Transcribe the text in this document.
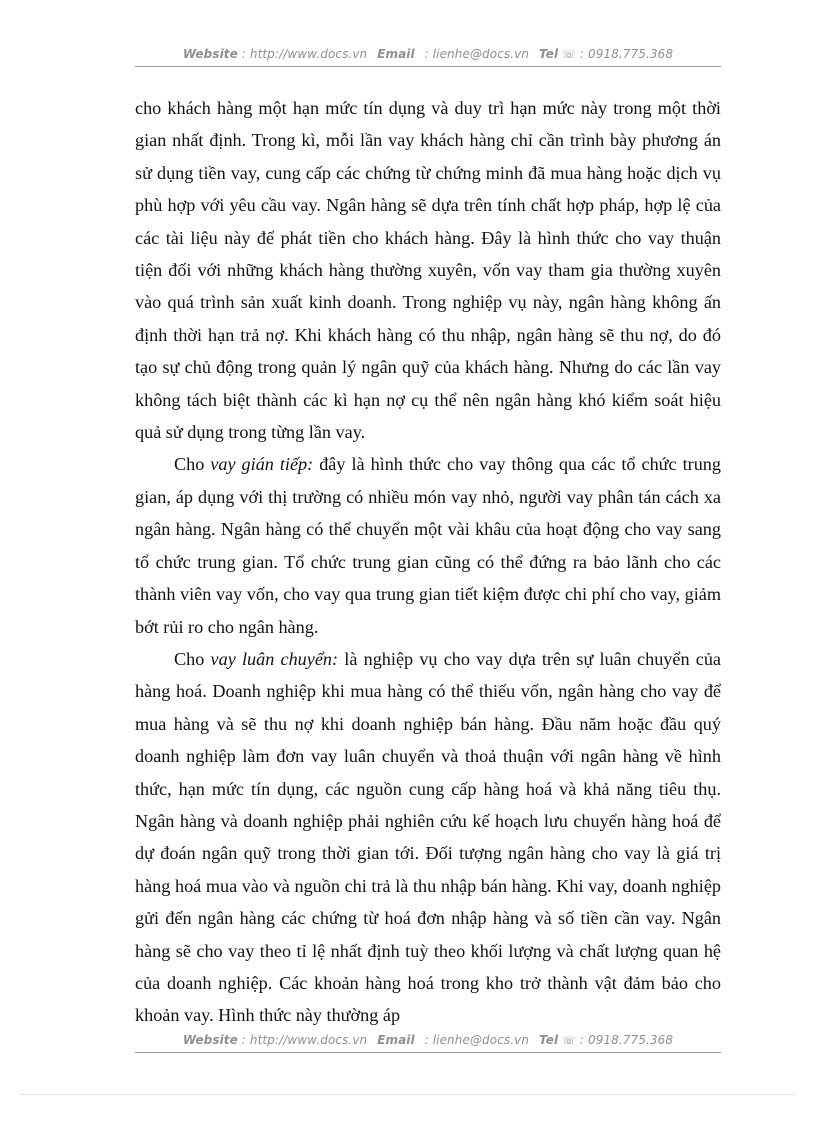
Website : http://www.docs.vn Email : lienhe@docs.vn Tel ☏ : 0918.775.368

cho khách hàng một hạn mức tín dụng và duy trì hạn mức này trong một thời gian nhất định. Trong kì, mỗi lần vay khách hàng chỉ cần trình bày phương án sử dụng tiền vay, cung cấp các chứng từ chứng minh đã mua hàng hoặc dịch vụ phù hợp với yêu cầu vay. Ngân hàng sẽ dựa trên tính chất hợp pháp, hợp lệ của các tài liệu này để phát tiền cho khách hàng. Đây là hình thức cho vay thuận tiện đối với những khách hàng thường xuyên, vốn vay tham gia thường xuyên vào quá trình sản xuất kinh doanh. Trong nghiệp vụ này, ngân hàng không ấn định thời hạn trả nợ. Khi khách hàng có thu nhập, ngân hàng sẽ thu nợ, do đó tạo sự chủ động trong quản lý ngân quỹ của khách hàng. Nhưng do các lần vay không tách biệt thành các kì hạn nợ cụ thể nên ngân hàng khó kiểm soát hiệu quả sử dụng trong từng lần vay.

Cho vay gián tiếp: đây là hình thức cho vay thông qua các tổ chức trung gian, áp dụng với thị trường có nhiều món vay nhỏ, người vay phân tán cách xa ngân hàng. Ngân hàng có thể chuyển một vài khâu của hoạt động cho vay sang tổ chức trung gian. Tổ chức trung gian cũng có thể đứng ra bảo lãnh cho các thành viên vay vốn, cho vay qua trung gian tiết kiệm được chi phí cho vay, giảm bớt rủi ro cho ngân hàng.

Cho vay luân chuyển: là nghiệp vụ cho vay dựa trên sự luân chuyển của hàng hoá. Doanh nghiệp khi mua hàng có thể thiếu vốn, ngân hàng cho vay để mua hàng và sẽ thu nợ khi doanh nghiệp bán hàng. Đầu năm hoặc đầu quý doanh nghiệp làm đơn vay luân chuyển và thoả thuận với ngân hàng về hình thức, hạn mức tín dụng, các nguồn cung cấp hàng hoá và khả năng tiêu thụ. Ngân hàng và doanh nghiệp phải nghiên cứu kế hoạch lưu chuyển hàng hoá để dự đoán ngân quỹ trong thời gian tới. Đối tượng ngân hàng cho vay là giá trị hàng hoá mua vào và nguồn chi trả là thu nhập bán hàng. Khi vay, doanh nghiệp gửi đến ngân hàng các chứng từ hoá đơn nhập hàng và số tiền cần vay. Ngân hàng sẽ cho vay theo tỉ lệ nhất định tuỳ theo khối lượng và chất lượng quan hệ của doanh nghiệp. Các khoản hàng hoá trong kho trở thành vật đảm bảo cho khoản vay. Hình thức này thường áp

Website : http://www.docs.vn Email : lienhe@docs.vn Tel ☏ : 0918.775.368
